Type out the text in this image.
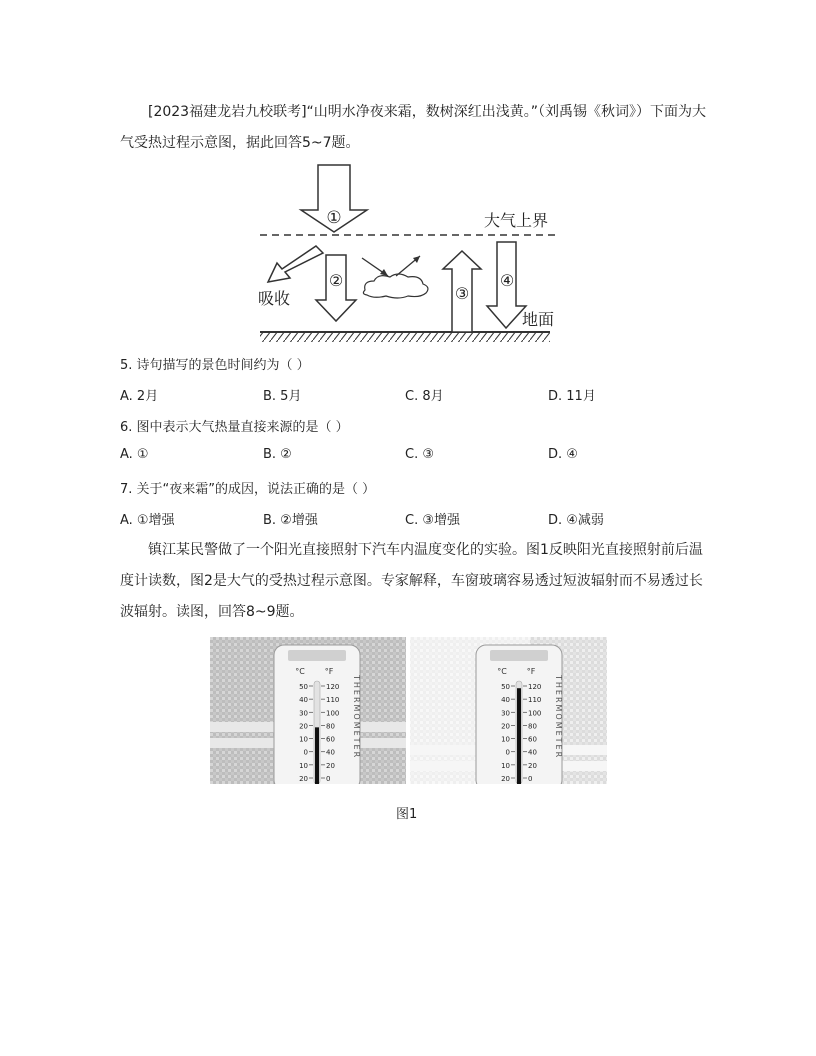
[2023福建龙岩九校联考]“山明水净夜来霜，数树深红出浅黄。”（刘禹锡《秋词》）下面为大气受热过程示意图，据此回答5~7题。
①
吸收
②
③
④
大气上界
地面
5. 诗句描写的景色时间约为（ ）
A. 2月	B. 5月	C. 8月	D. 11月
6. 图中表示大气热量直接来源的是（ ）
A. ①	B. ②	C. ③	D. ④
7. 关于“夜来霜”的成因，说法正确的是（ ）
A. ①增强	B. ②增强	C. ③增强	D. ④减弱
镇江某民警做了一个阳光直接照射下汽车内温度变化的实验。图1反映阳光直接照射前后温度计读数，图2是大气的受热过程示意图。专家解释，车窗玻璃容易透过短波辐射而不易透过长波辐射。读图，回答8~9题。
°C °F
50
40
30
20
10
0
10
20
120
110
100
80
60
40
20
0
THERMOMETER
°C °F
50
40
30
20
10
0
10
20
120
110
100
80
60
40
20
0
THERMOMETER
图1
